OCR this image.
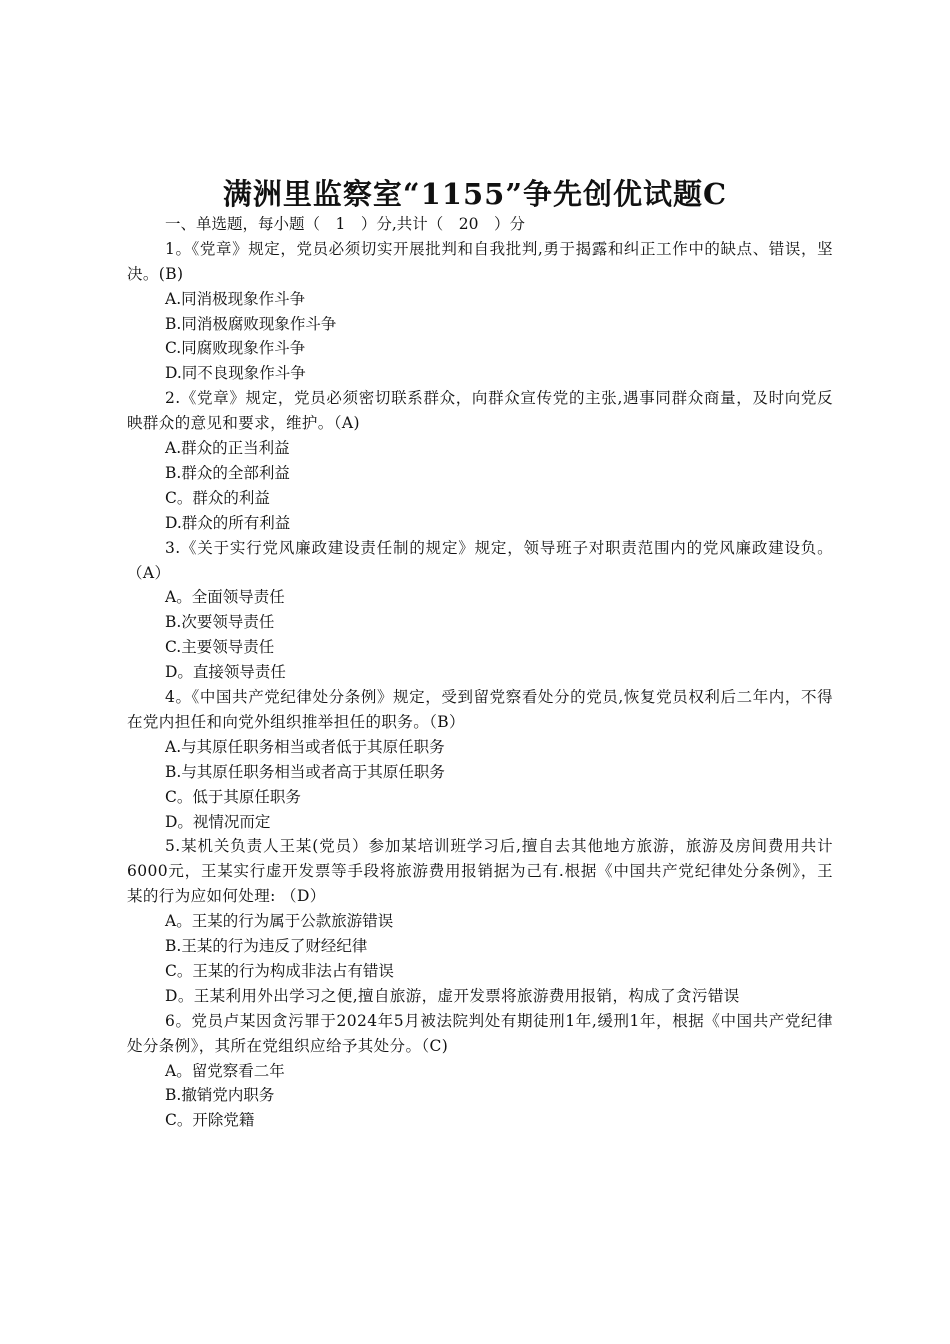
满洲里监察室“1155”争先创优试题C
一、单选题，每小题（　1　）分,共计（　20　）分
1。《党章》规定，党员必须切实开展批判和自我批判,勇于揭露和纠正工作中的缺点、错误，坚决。(B)
A.同消极现象作斗争
B.同消极腐败现象作斗争
C.同腐败现象作斗争
D.同不良现象作斗争
2.《党章》规定，党员必须密切联系群众，向群众宣传党的主张,遇事同群众商量，及时向党反映群众的意见和要求，维护。（A)
A.群众的正当利益
B.群众的全部利益
C。群众的利益
D.群众的所有利益
3.《关于实行党风廉政建设责任制的规定》规定，领导班子对职责范围内的党风廉政建设负。（A）
A。全面领导责任
B.次要领导责任
C.主要领导责任
D。直接领导责任
4。《中国共产党纪律处分条例》规定，受到留党察看处分的党员,恢复党员权利后二年内，不得在党内担任和向党外组织推举担任的职务。（B）
A.与其原任职务相当或者低于其原任职务
B.与其原任职务相当或者高于其原任职务
C。低于其原任职务
D。视情况而定
5.某机关负责人王某(党员）参加某培训班学习后,擅自去其他地方旅游，旅游及房间费用共计6000元，王某实行虚开发票等手段将旅游费用报销据为己有.根据《中国共产党纪律处分条例》，王某的行为应如何处理: （D）
A。王某的行为属于公款旅游错误
B.王某的行为违反了财经纪律
C。王某的行为构成非法占有错误
D。王某利用外出学习之便,擅自旅游，虚开发票将旅游费用报销，构成了贪污错误
6。党员卢某因贪污罪于2024年5月被法院判处有期徒刑1年,缓刑1年，根据《中国共产党纪律处分条例》，其所在党组织应给予其处分。（C)
A。留党察看二年
B.撤销党内职务
C。开除党籍
